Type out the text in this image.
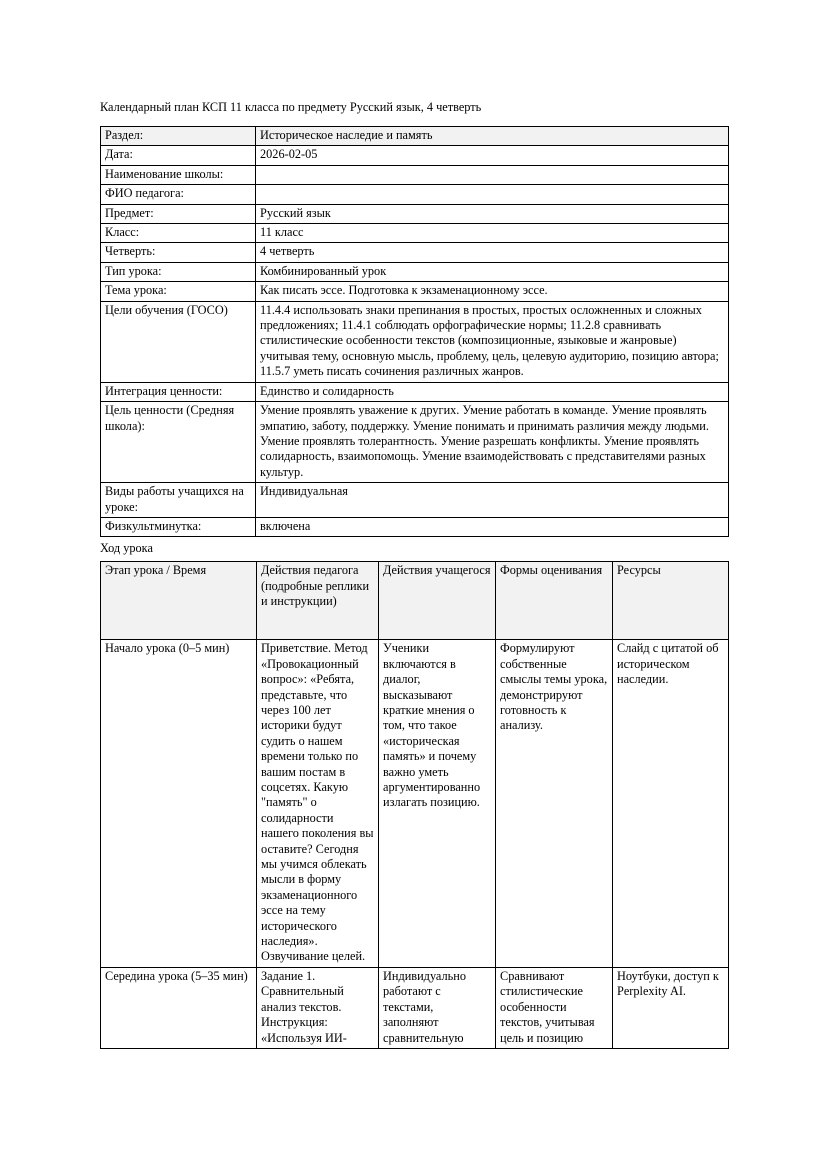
Календарный план КСП 11 класса по предмету Русский язык, 4 четверть
Раздел:	Историческое наследие и память
Дата:	2026-02-05
Наименование школы:	
ФИО педагога:	
Предмет:	Русский язык
Класс:	11 класс
Четверть:	4 четверть
Тип урока:	Комбинированный урок
Тема урока:	Как писать эссе. Подготовка к экзаменационному эссе.
Цели обучения (ГОСО)	11.4.4 использовать знаки препинания в простых, простых осложненных и сложных предложениях; 11.4.1 соблюдать орфографические нормы; 11.2.8 сравнивать стилистические особенности текстов (композиционные, языковые и жанровые) учитывая тему, основную мысль, проблему, цель, целевую аудиторию, позицию автора; 11.5.7 уметь писать сочинения различных жанров.
Интеграция ценности:	Единство и солидарность
Цель ценности (Средняя школа):	Умение проявлять уважение к других. Умение работать в команде. Умение проявлять эмпатию, заботу, поддержку. Умение понимать и принимать различия между людьми. Умение проявлять толерантность. Умение разрешать конфликты. Умение проявлять солидарность, взаимопомощь. Умение взаимодействовать с представителями разных культур.
Виды работы учащихся на уроке:	Индивидуальная
Физкультминутка:	включена
Ход урока
Этап урока / Время	Действия педагога (подробные реплики и инструкции)	Действия учащегося	Формы оценивания	Ресурсы
Начало урока (0–5 мин)	Приветствие. Метод «Провокационный вопрос»: «Ребята, представьте, что через 100 лет историки будут судить о нашем времени только по вашим постам в соцсетях. Какую "память" о солидарности нашего поколения вы оставите? Сегодня мы учимся облекать мысли в форму экзаменационного эссе на тему исторического наследия». Озвучивание целей.	Ученики включаются в диалог, высказывают краткие мнения о том, что такое «историческая память» и почему важно уметь аргументированно излагать позицию.	Формулируют собственные смыслы темы урока, демонстрируют готовность к анализу.	Слайд с цитатой об историческом наследии.
Середина урока (5–35 мин)	Задание 1. Сравнительный анализ текстов. Инструкция: «Используя ИИ-	Индивидуально работают с текстами, заполняют сравнительную	Сравнивают стилистические особенности текстов, учитывая цель и позицию	Ноутбуки, доступ к Perplexity AI.
